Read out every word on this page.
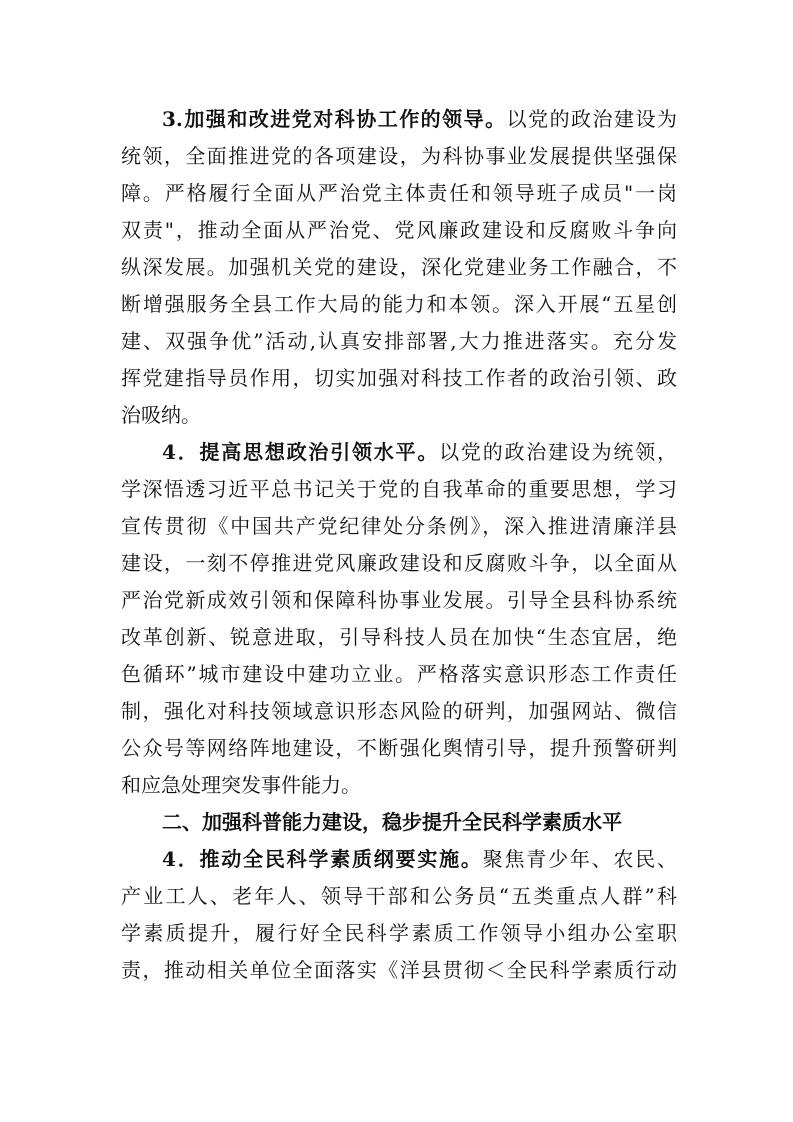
3.加强和改进党对科协工作的领导。以党的政治建设为
统领，全面推进党的各项建设，为科协事业发展提供坚强保
障。严格履行全面从严治党主体责任和领导班子成员"一岗
双责"，推动全面从严治党、党风廉政建设和反腐败斗争向
纵深发展。加强机关党的建设，深化党建业务工作融合，不
断增强服务全县工作大局的能力和本领。深入开展“五星创
建、双强争优”活动,认真安排部署,大力推进落实。充分发
挥党建指导员作用，切实加强对科技工作者的政治引领、政
治吸纳。
4．提高思想政治引领水平。以党的政治建设为统领，
学深悟透习近平总书记关于党的自我革命的重要思想，学习
宣传贯彻《中国共产党纪律处分条例》，深入推进清廉洋县
建设，一刻不停推进党风廉政建设和反腐败斗争，以全面从
严治党新成效引领和保障科协事业发展。引导全县科协系统
改革创新、锐意进取，引导科技人员在加快“生态宜居，绝
色循环”城市建设中建功立业。严格落实意识形态工作责任
制，强化对科技领域意识形态风险的研判，加强网站、微信
公众号等网络阵地建设，不断强化舆情引导，提升预警研判
和应急处理突发事件能力。
二、加强科普能力建设，稳步提升全民科学素质水平
4．推动全民科学素质纲要实施。聚焦青少年、农民、
产业工人、老年人、领导干部和公务员“五类重点人群”科
学素质提升，履行好全民科学素质工作领导小组办公室职
责，推动相关单位全面落实《洋县贯彻＜全民科学素质行动
